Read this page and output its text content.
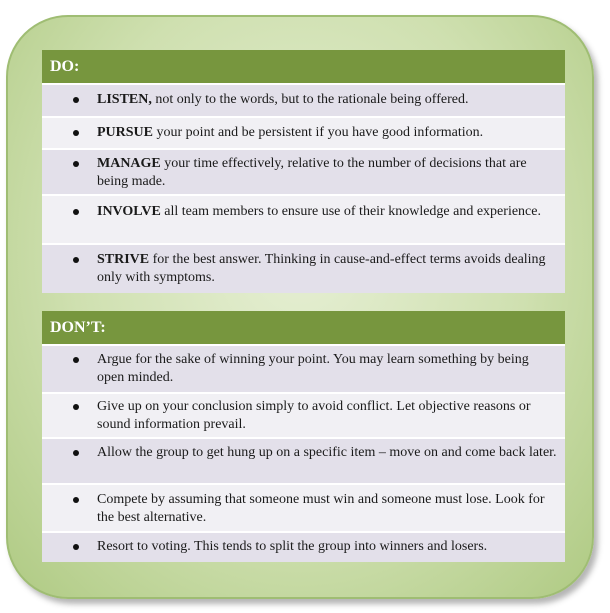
DO:
LISTEN, not only to the words, but to the rationale being offered.
PURSUE your point and be persistent if you have good information.
MANAGE your time effectively, relative to the number of decisions that are being made.
INVOLVE all team members to ensure use of their knowledge and experience.
STRIVE for the best answer. Thinking in cause-and-effect terms avoids dealing only with symptoms.
DON’T:
Argue for the sake of winning your point. You may learn something by being open minded.
Give up on your conclusion simply to avoid conflict. Let objective reasons or sound information prevail.
Allow the group to get hung up on a specific item – move on and come back later.
Compete by assuming that someone must win and someone must lose. Look for the best alternative.
Resort to voting. This tends to split the group into winners and losers.
